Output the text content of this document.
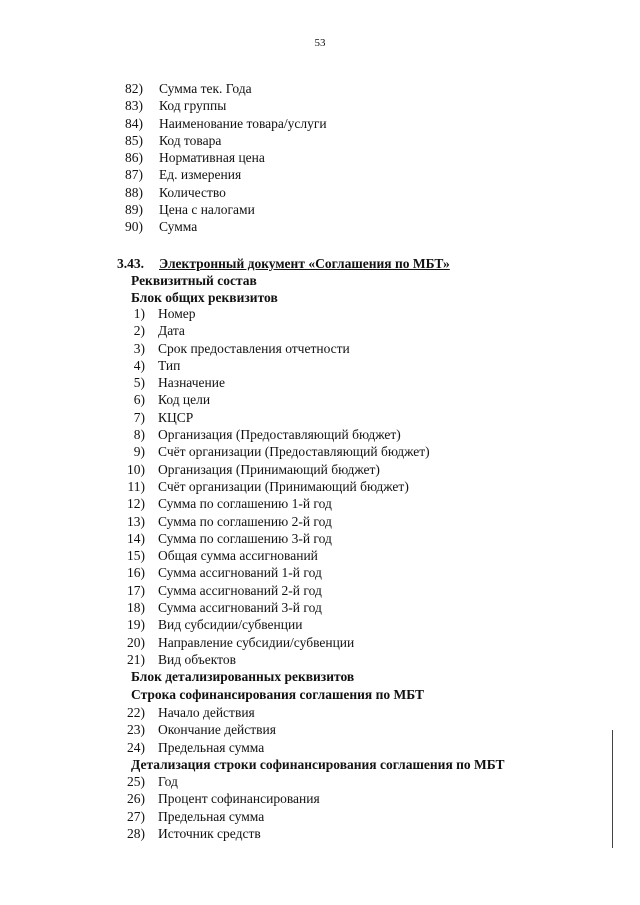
53
82) Сумма тек. Года
83) Код группы
84) Наименование товара/услуги
85) Код товара
86) Нормативная цена
87) Ед. измерения
88) Количество
89) Цена с налогами
90) Сумма
3.43. Электронный документ «Соглашения по МБТ»
Реквизитный состав
Блок общих реквизитов
1) Номер
2) Дата
3) Срок предоставления отчетности
4) Тип
5) Назначение
6) Код цели
7) КЦСР
8) Организация (Предоставляющий бюджет)
9) Счёт организации (Предоставляющий бюджет)
10) Организация (Принимающий бюджет)
11) Счёт организации (Принимающий бюджет)
12) Сумма по соглашению 1-й год
13) Сумма по соглашению 2-й год
14) Сумма по соглашению 3-й год
15) Общая сумма ассигнований
16) Сумма ассигнований 1-й год
17) Сумма ассигнований 2-й год
18) Сумма ассигнований 3-й год
19) Вид субсидии/субвенции
20) Направление субсидии/субвенции
21) Вид объектов
Блок детализированных реквизитов
Строка софинансирования соглашения по МБТ
22) Начало действия
23) Окончание действия
24) Предельная сумма
Детализация строки софинансирования соглашения по МБТ
25) Год
26) Процент софинансирования
27) Предельная сумма
28) Источник средств
